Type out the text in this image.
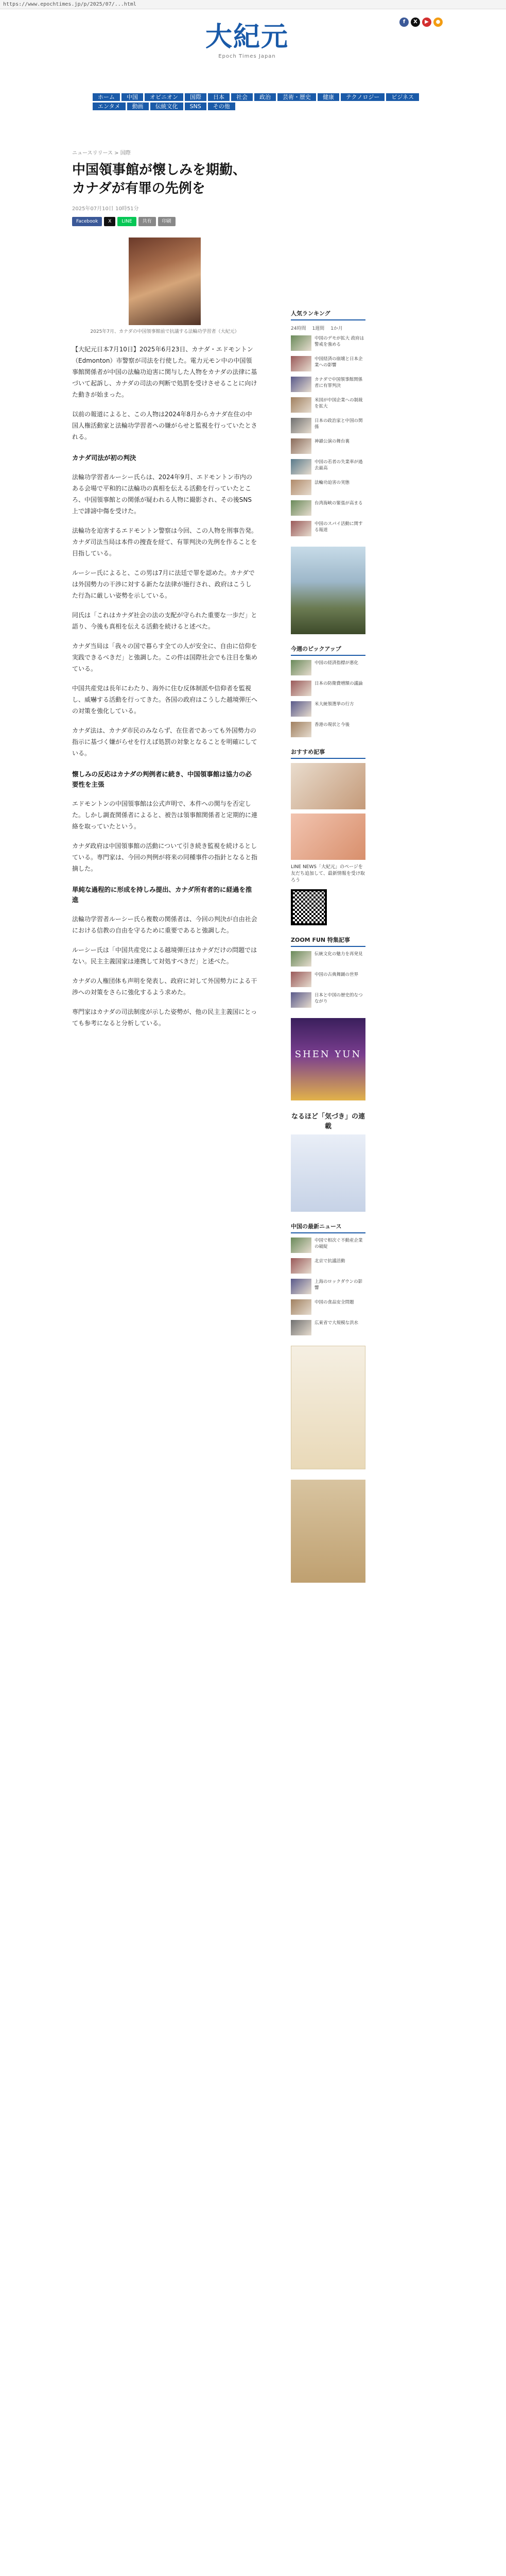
https://www.epochtimes.jp/p/2025/07/...html
大紀元
Epoch Times Japan
f	X	▶	●
ホーム	中国	オピニオン	国際	日本	社会	政治	芸術・歴史	健康	テクノロジー	ビジネス
エンタメ	動画	伝統文化	SNS	その他
ニュースリリース > 国際
中国領事館が懐しみを期勤、カナダが有罪の先例を
2025年07月10日 10時51分
Facebook	X	LINE	共有	印刷
2025年7月、カナダの中国領事館前で抗議する法輪功学習者（大紀元）

【大紀元日本7月10日】2025年6月23日、カナダ・エドモントン（Edmonton）市警察が司法を行使した。電力元モン中の中国領事館関係者が中国の法輪功迫害に関与した人物をカナダの法律に基づいて起訴し、カナダの司法の判断で処罰を受けさせることに向けた動きが始まった。

以前の報道によると、この人物は2024年8月からカナダ在住の中国人権活動家と法輪功学習者への嫌がらせと監視を行っていたとされる。

カナダ司法が初の判決

法輪功学習者ルーシー氏らは、2024年9月、エドモントン市内のある会場で平和的に法輪功の真相を伝える活動を行っていたところ、中国領事館との関係が疑われる人物に撮影され、その後SNS上で誹謗中傷を受けた。

法輪功を迫害するエドモントン警察は今回、この人物を刑事告発。カナダ司法当局は本件の捜査を経て、有罪判決の先例を作ることを目指している。

ルーシー氏によると、この男は7月に法廷で罪を認めた。カナダでは外国勢力の干渉に対する新たな法律が施行され、政府はこうした行為に厳しい姿勢を示している。

同氏は「これはカナダ社会の法の支配が守られた重要な一歩だ」と語り、今後も真相を伝える活動を続けると述べた。

カナダ当局は「我々の国で暮らす全ての人が安全に、自由に信仰を実践できるべきだ」と強調した。この件は国際社会でも注目を集めている。

中国共産党は長年にわたり、海外に住む反体制派や信仰者を監視し、威嚇する活動を行ってきた。各国の政府はこうした越境弾圧への対策を強化している。

カナダ法は、カナダ市民のみならず、在住者であっても外国勢力の指示に基づく嫌がらせを行えば処罰の対象となることを明確にしている。

懐しみの反応はカナダの判例者に続き、中国領事館は協力の必要性を主張

エドモントンの中国領事館は公式声明で、本件への関与を否定した。しかし調査関係者によると、被告は領事館関係者と定期的に連絡を取っていたという。

カナダ政府は中国領事館の活動について引き続き監視を続けるとしている。専門家は、今回の判例が将来の同種事件の指針となると指摘した。

単純な過程的に形成を持しみ提出、カナダ所有者的に経過を推進

法輪功学習者ルーシー氏ら複数の関係者は、今回の判決が自由社会における信教の自由を守るために重要であると強調した。

ルーシー氏は「中国共産党による越境弾圧はカナダだけの問題ではない。民主主義国家は連携して対処すべきだ」と述べた。

カナダの人権団体も声明を発表し、政府に対して外国勢力による干渉への対策をさらに強化するよう求めた。

専門家はカナダの司法制度が示した姿勢が、他の民主主義国にとっても参考になると分析している。

人気ランキング
24時間 1週間 1か月
中国のデモが拡大 政府は警戒を強める
中国経済の崩壊と日本企業への影響
カナダで中国領事館関係者に有罪判決
米国が中国企業への制裁を拡大
日本の政治家と中国の関係
神韻公演の舞台裏
中国の若者の失業率が過去最高
法輪功迫害の実態
台湾海峡の緊張が高まる
中国のスパイ活動に関する報道
今週のピックアップ
中国の経済指標が悪化
日本の防衛費増額の議論
米大統領選挙の行方
香港の現状と今後
おすすめ記事
LINE NEWS「大紀元」のページを友だち追加して、最新情報を受け取ろう
ZOOM FUN 特集記事
伝統文化の魅力を再発見
中国の古典舞踊の世界
日本と中国の歴史的なつながり
SHEN YUN
なるほど「気づき」の連載
中国の最新ニュース
中国で相次ぐ不動産企業の破綻
北京で抗議活動
上海のロックダウンの影響
中国の食品安全問題
広東省で大規模な洪水
